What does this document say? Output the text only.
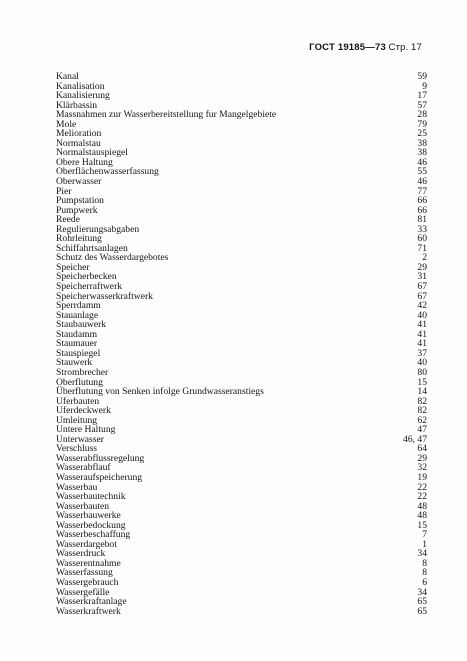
ГОСТ 19185—73 Стр. 17
Kanal	59
Kanalisation	9
Kanalisierung	17
Klärbassin	57
Massnahmen zur Wasserbereitstellung fur Mangelgebiete	28
Mole	79
Melioration	25
Normalstau	38
Normalstauspiegel	38
Obere Haltung	46
Oberflächenwasserfassung	55
Oberwasser	46
Pier	77
Pumpstation	66
Pumpwerk	66
Reede	81
Regulierungsabgaben	33
Rohrleitung	60
Schiffahrtsanlagen	71
Schutz des Wasserdargebotes	2
Speicher	29
Speicherbecken	31
Speicherraftwerk	67
Speicherwasserkraftwerk	67
Sperrdamm	42
Stauanlage	40
Staubauwerk	41
Staudamm	41
Staumauer	41
Stauspiegel	37
Stauwerk	40
Strombrecher	80
Oberflutung	15
Überflutung von Senken infolge Grundwasseranstiegs	14
Uferbauten	82
Uferdeckwerk	82
Umleitung	62
Untere Haltung	47
Unterwasser	46, 47
Verschluss	64
Wasserabflussregelung	29
Wasserabflauf	32
Wasseraufspeicherung	19
Wasserbau	22
Wasserbautechnik	22
Wasserbauten	48
Wasserbauwerke	48
Wasserbedockung	15
Wasserbeschaffung	7
Wasserdargebot	1
Wasserdruck	34
Wasserentnahme	8
Wasserfassung	8
Wassergebrauch	6
Wassergefälle	34
Wasserkraftanlage	65
Wasserkraftwerk	65
